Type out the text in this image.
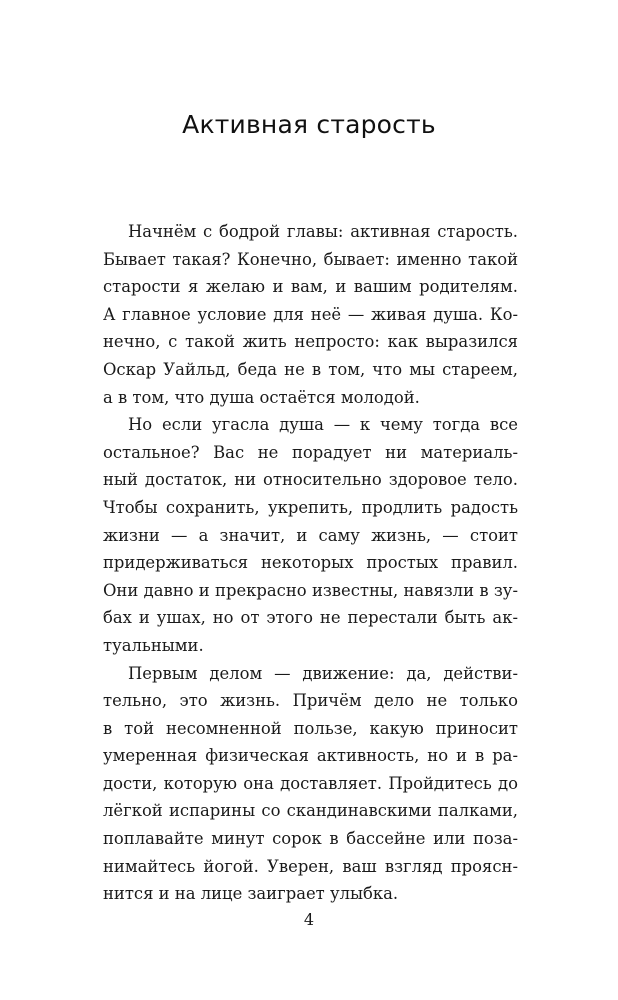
Активная старость
Начнём с бодрой главы: активная старость.
Бывает такая? Конечно, бывает: именно такой
старости я желаю и вам, и вашим родителям.
А главное условие для неё — живая душа. Ко-
нечно, с такой жить непросто: как выразился
Оскар Уайльд, беда не в том, что мы стареем,
а в том, что душа остаётся молодой.
Но если угасла душа — к чему тогда все
остальное? Вас не порадует ни материаль-
ный достаток, ни относительно здоровое тело.
Чтобы сохранить, укрепить, продлить радость
жизни — а значит, и саму жизнь, — стоит
придерживаться некоторых простых правил.
Они давно и прекрасно известны, навязли в зу-
бах и ушах, но от этого не перестали быть ак-
туальными.
Первым делом — движение: да, действи-
тельно, это жизнь. Причём дело не только
в той несомненной пользе, какую приносит
умеренная физическая активность, но и в ра-
дости, которую она доставляет. Пройдитесь до
лёгкой испарины со скандинавскими палками,
поплавайте минут сорок в бассейне или поза-
нимайтесь йогой. Уверен, ваш взгляд проясн-
нится и на лице заиграет улыбка.
4
